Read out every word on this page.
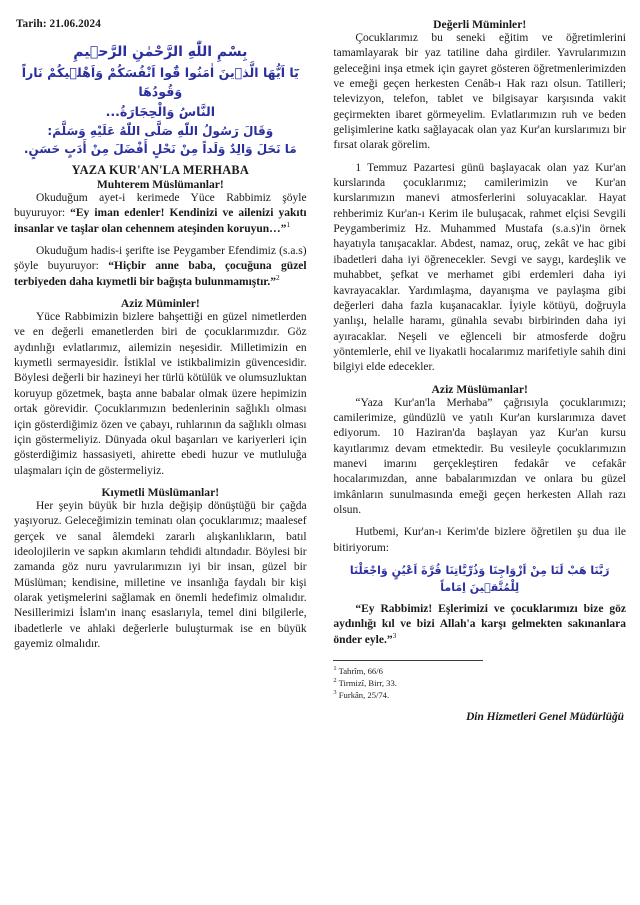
Tarih: 21.06.2024
بِسْمِ اللّٰهِ الرَّحْمٰنِ الرَّح۪يمِ
يَٓا اَيُّهَا الَّذ۪ينَ اٰمَنُوا قُٓوا اَنْفُسَكُمْ وَاَهْل۪يكُمْ نَاراً وَقُودُهَا
النَّاسُ وَالْحِجَارَةُ...
وَقَالَ رَسُولُ اللّٰهِ صَلَّى اللّٰهُ عَلَيْهِ وَسَلَّمَ:
مَا نَحَلَ وَالِدٌ وَلَداً مِنْ نَحْلٍ أَفْضَلَ مِنْ أَدَبٍ حَسَنٍ.
YAZA KUR'AN'LA MERHABA
Muhterem Müslümanlar!

Okuduğum ayet-i kerimede Yüce Rabbimiz şöyle buyuruyor: “Ey iman edenler! Kendinizi ve ailenizi yakıtı insanlar ve taşlar olan cehennem ateşinden koruyun…”$^1$

Okuduğum hadis-i şerifte ise Peygamber Efendimiz (s.a.s) şöyle buyuruyor: “Hiçbir anne baba, çocuğuna güzel terbiyeden daha kıymetli bir bağışta bulunmamıştır.”$^2$

Aziz Müminler!

Yüce Rabbimizin bizlere bahşettiği en güzel nimetlerden ve en değerli emanetlerden biri de çocuklarımızdır. Göz aydınlığı evlatlarımız, ailemizin neşesidir. Milletimizin en kıymetli sermayesidir. İstiklal ve istikbalimizin güvencesidir. Böylesi değerli bir hazineyi her türlü kötülük ve olumsuzluktan koruyup gözetmek, başta anne babalar olmak üzere hepimizin ortak görevidir. Çocuklarımızın bedenlerinin sağlıklı olması için gösterdiğimiz özen ve çabayı, ruhlarının da sağlıklı olması için göstermeliyiz. Dünyada okul başarıları ve kariyerleri için gösterdiğimiz hassasiyeti, ahirette ebedi huzur ve mutluluğa ulaşmaları için de göstermeliyiz.

Kıymetli Müslümanlar!

Her şeyin büyük bir hızla değişip dönüştüğü bir çağda yaşıyoruz. Geleceğimizin teminatı olan çocuklarımız; maalesef gerçek ve sanal âlemdeki zararlı alışkanlıkların, batıl ideolojilerin ve sapkın akımların tehdidi altındadır. Böylesi bir zamanda göz nuru yavrularımızın iyi bir insan, güzel bir Müslüman; kendisine, milletine ve insanlığa faydalı bir kişi olarak yetişmelerini sağlamak en önemli hedefimiz olmalıdır. Nesillerimizi İslam'ın inanç esaslarıyla, temel dini bilgilerle, ibadetlerle ve ahlaki değerlerle buluşturmak ise en büyük gayemiz olmalıdır.

Değerli Müminler!

Çocuklarımız bu seneki eğitim ve öğretimlerini tamamlayarak bir yaz tatiline daha girdiler. Yavrularımızın geleceğini inşa etmek için gayret gösteren öğretmenlerimizden ve emeği geçen herkesten Cenâb-ı Hak razı olsun. Tatilleri; televizyon, telefon, tablet ve bilgisayar karşısında vakit geçirmekten ibaret görmeyelim. Evlatlarımızın ruh ve beden gelişimlerine katkı sağlayacak olan yaz Kur'an kurslarımızı bir fırsat olarak görelim.

1 Temmuz Pazartesi günü başlayacak olan yaz Kur'an kurslarında çocuklarımız; camilerimizin ve Kur'an kurslarımızın manevi atmosferlerini soluyacaklar. Hayat rehberimiz Kur'an-ı Kerim ile buluşacak, rahmet elçisi Sevgili Peygamberimiz Hz. Muhammed Mustafa (s.a.s)'in örnek hayatıyla tanışacaklar. Abdest, namaz, oruç, zekât ve hac gibi ibadetleri daha iyi öğrenecekler. Sevgi ve saygı, kardeşlik ve muhabbet, şefkat ve merhamet gibi erdemleri daha iyi kavrayacaklar. Yardımlaşma, dayanışma ve paylaşma gibi değerleri daha fazla kuşanacaklar. İyiyle kötüyü, doğruyla yanlışı, helalle haramı, günahla sevabı birbirinden daha iyi ayıracaklar. Neşeli ve eğlenceli bir atmosferde doğru yöntemlerle, ehil ve liyakatli hocalarımız marifetiyle sahih dini bilgiyi elde edecekler.

Aziz Müslümanlar!

“Yaza Kur'an'la Merhaba” çağrısıyla çocuklarımızı; camilerimize, gündüzlü ve yatılı Kur'an kurslarımıza davet ediyorum. 10 Haziran'da başlayan yaz Kur'an kursu kayıtlarımız devam etmektedir. Bu vesileyle çocuklarımızın manevi imarını gerçekleştiren fedakâr ve cefakâr hocalarımızdan, anne babalarımızdan ve onlara bu güzel imkânların sunulmasında emeği geçen herkesten Allah razı olsun.

Hutbemi, Kur'an-ı Kerim'de bizlere öğretilen şu dua ile bitiriyorum:

رَبَّنَا هَبْ لَنَا مِنْ اَزْوَاجِنَا وَذُرِّيَّاتِنَا قُرَّةَ اَعْيُنٍ وَاجْعَلْنَا لِلْمُتَّق۪ينَ اِمَاماً

“Ey Rabbimiz! Eşlerimizi ve çocuklarımızı bize göz aydınlığı kıl ve bizi Allah'a karşı gelmekten sakınanlara önder eyle.”$^3$

$^1$ Tahrîm, 66/6
$^2$ Tirmizî, Birr, 33.
$^3$ Furkân, 25/74.
Din Hizmetleri Genel Müdürlüğü
